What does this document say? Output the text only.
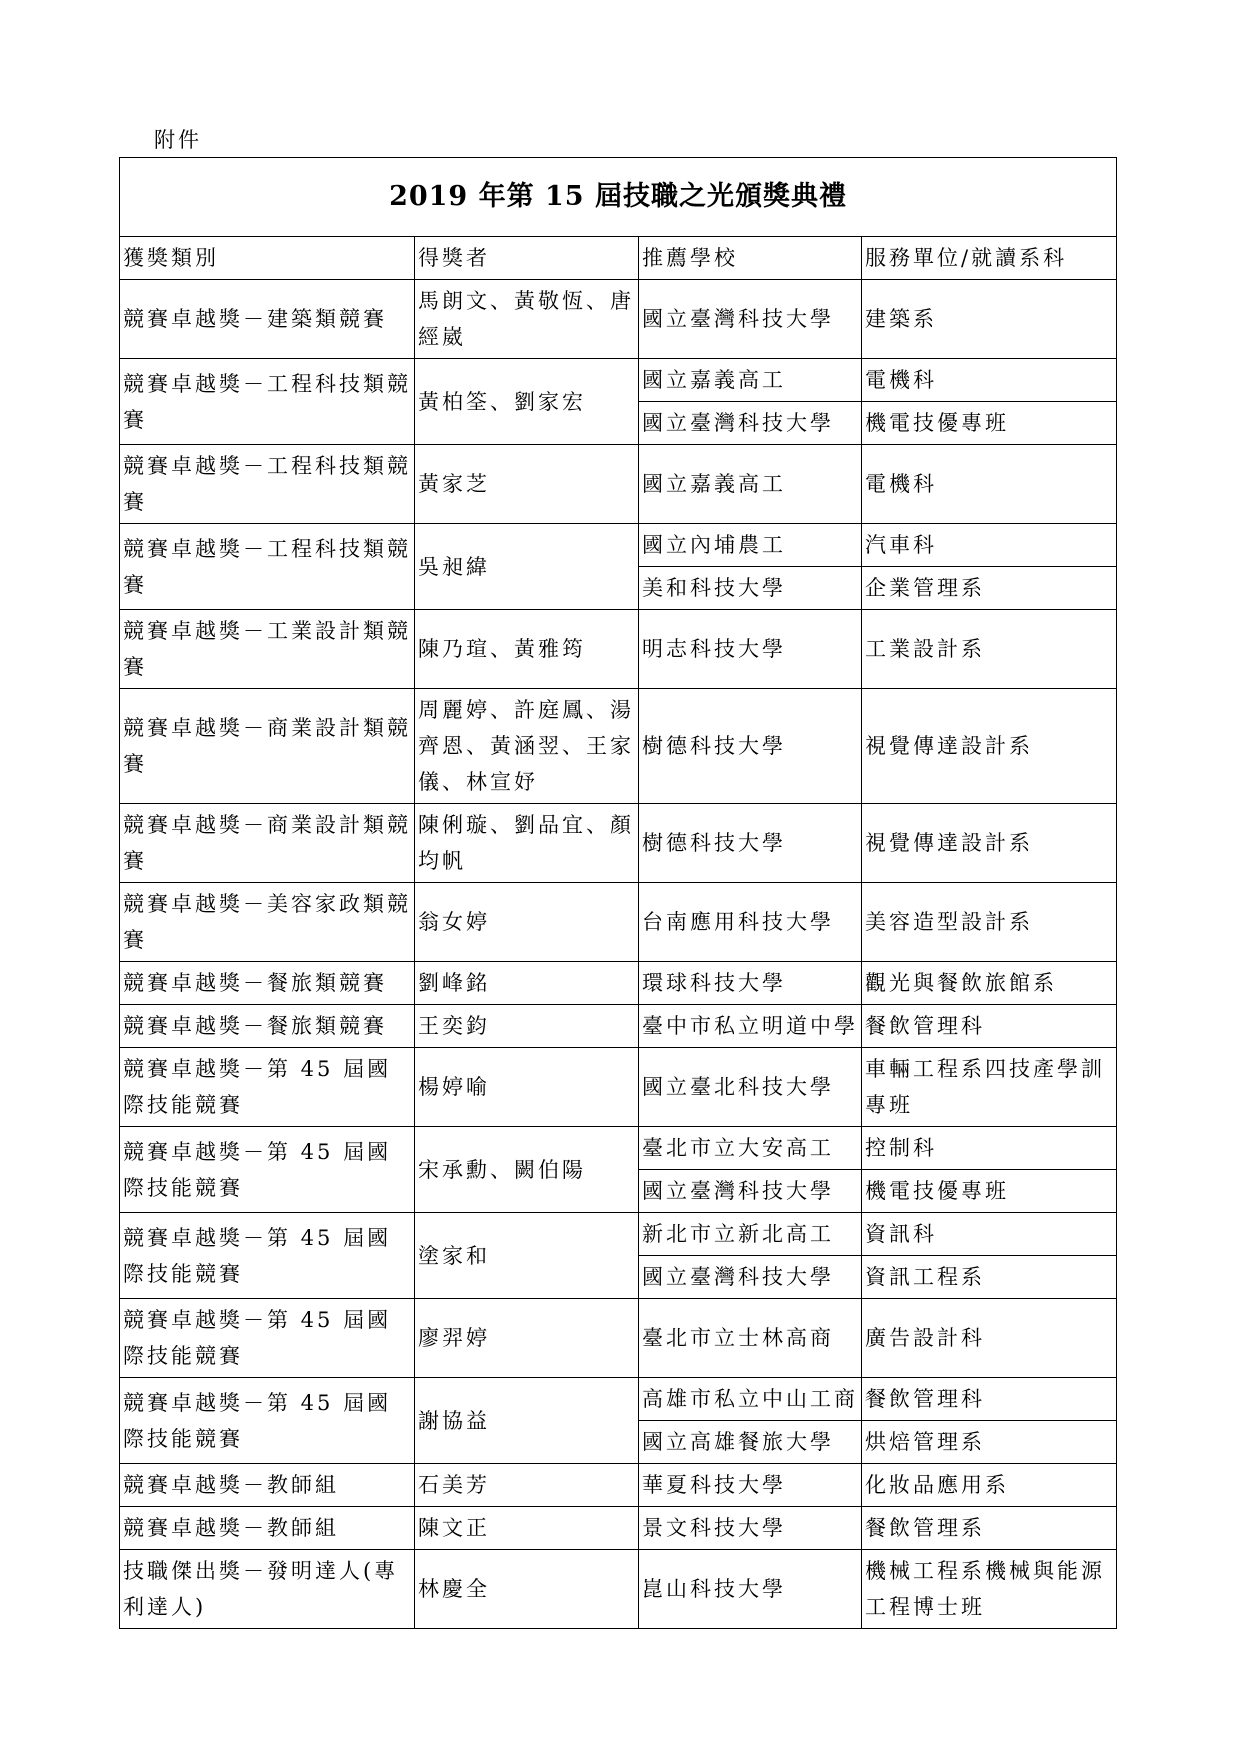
附件
2019 年第 15 屆技職之光頒獎典禮			
獲獎類別	得獎者	推薦學校	服務單位/就讀系科
競賽卓越獎－建築類競賽	馬朗文、黃敬恆、唐經崴	國立臺灣科技大學	建築系
競賽卓越獎－工程科技類競賽	黃柏筌、劉家宏	國立嘉義高工	電機科
		國立臺灣科技大學	機電技優專班
競賽卓越獎－工程科技類競賽	黃家芝	國立嘉義高工	電機科
競賽卓越獎－工程科技類競賽	吳昶緯	國立內埔農工	汽車科
		美和科技大學	企業管理系
競賽卓越獎－工業設計類競賽	陳乃瑄、黃雅筠	明志科技大學	工業設計系
競賽卓越獎－商業設計類競賽	周麗婷、許庭鳳、湯齊恩、黃涵翌、王家儀、林宣妤	樹德科技大學	視覺傳達設計系
競賽卓越獎－商業設計類競賽	陳俐璇、劉品宜、顏均帆	樹德科技大學	視覺傳達設計系
競賽卓越獎－美容家政類競賽	翁女婷	台南應用科技大學	美容造型設計系
競賽卓越獎－餐旅類競賽	劉峰銘	環球科技大學	觀光與餐飲旅館系
競賽卓越獎－餐旅類競賽	王奕鈞	臺中市私立明道中學	餐飲管理科
競賽卓越獎－第 45 屆國際技能競賽	楊婷喻	國立臺北科技大學	車輛工程系四技產學訓專班
競賽卓越獎－第 45 屆國際技能競賽	宋承勳、闕伯陽	臺北市立大安高工	控制科
		國立臺灣科技大學	機電技優專班
競賽卓越獎－第 45 屆國際技能競賽	塗家和	新北市立新北高工	資訊科
		國立臺灣科技大學	資訊工程系
競賽卓越獎－第 45 屆國際技能競賽	廖羿婷	臺北市立士林高商	廣告設計科
競賽卓越獎－第 45 屆國際技能競賽	謝協益	高雄市私立中山工商	餐飲管理科
		國立高雄餐旅大學	烘焙管理系
競賽卓越獎－教師組	石美芳	華夏科技大學	化妝品應用系
競賽卓越獎－教師組	陳文正	景文科技大學	餐飲管理系
技職傑出獎－發明達人(專利達人)	林慶全	崑山科技大學	機械工程系機械與能源工程博士班
